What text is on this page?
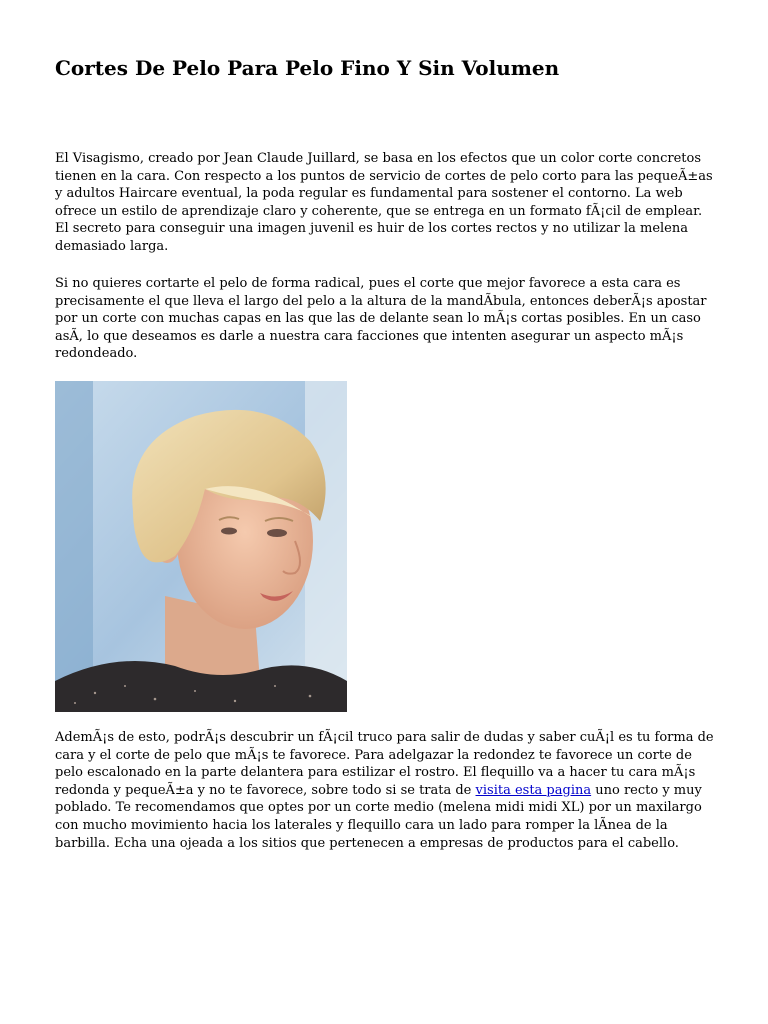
Cortes De Pelo Para Pelo Fino Y Sin Volumen

El Visagismo, creado por Jean Claude Juillard, se basa en los efectos que un color corte concretos tienen en la cara. Con respecto a los puntos de servicio de cortes de pelo corto para las pequeÃ±as y adultos Haircare eventual, la poda regular es fundamental para sostener el contorno. La web ofrece un estilo de aprendizaje claro y coherente, que se entrega en un formato fÃ¡cil de emplear. El secreto para conseguir una imagen juvenil es huir de los cortes rectos y no utilizar la melena demasiado larga.

Si no quieres cortarte el pelo de forma radical, pues el corte que mejor favorece a esta cara es precisamente el que lleva el largo del pelo a la altura de la mandÃbula, entonces deberÃ¡s apostar por un corte con muchas capas en las que las de delante sean lo mÃ¡s cortas posibles. En un caso asÃ, lo que deseamos es darle a nuestra cara facciones que intenten asegurar un aspecto mÃ¡s redondeado.

AdemÃ¡s de esto, podrÃ¡s descubrir un fÃ¡cil truco para salir de dudas y saber cuÃ¡l es tu forma de cara y el corte de pelo que mÃ¡s te favorece. Para adelgazar la redondez te favorece un corte de pelo escalonado en la parte delantera para estilizar el rostro. El flequillo va a hacer tu cara mÃ¡s redonda y pequeÃ±a y no te favorece, sobre todo si se trata de visita esta pagina uno recto y muy poblado. Te recomendamos que optes por un corte medio (melena midi midi XL) por un maxilargo con mucho movimiento hacia los laterales y flequillo cara un lado para romper la lÃnea de la barbilla. Echa una ojeada a los sitios que pertenecen a empresas de productos para el cabello.
